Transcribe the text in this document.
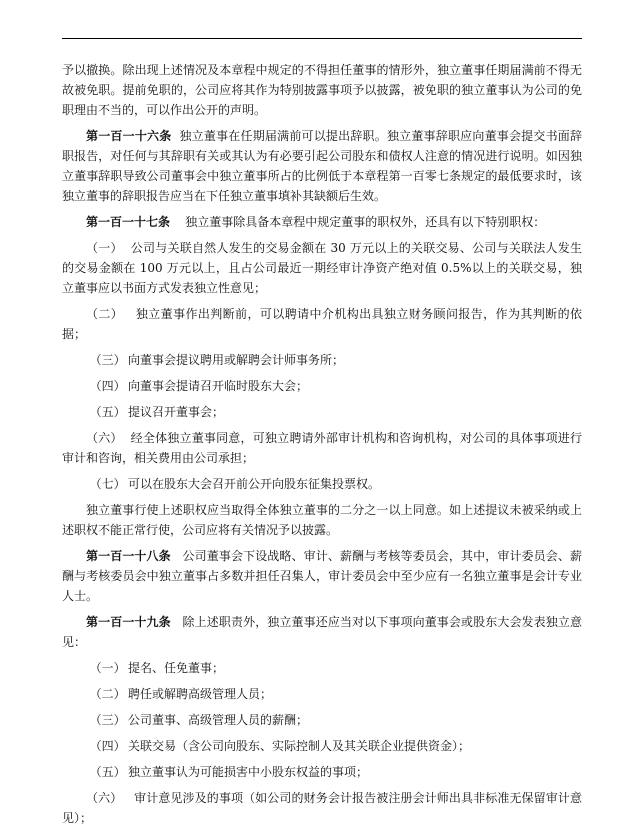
予以撤换。除出现上述情况及本章程中规定的不得担任董事的情形外，独立董事任期届满前不得无故被免职。提前免职的，公司应将其作为特别披露事项予以披露，被免职的独立董事认为公司的免职理由不当的，可以作出公开的声明。

第一百一十六条 独立董事在任期届满前可以提出辞职。独立董事辞职应向董事会提交书面辞职报告，对任何与其辞职有关或其认为有必要引起公司股东和债权人注意的情况进行说明。如因独立董事辞职导致公司董事会中独立董事所占的比例低于本章程第一百零七条规定的最低要求时，该独立董事的辞职报告应当在下任独立董事填补其缺额后生效。

第一百一十七条 独立董事除具备本章程中规定董事的职权外，还具有以下特别职权：

（一） 公司与关联自然人发生的交易金额在 30 万元以上的关联交易、公司与关联法人发生的交易金额在 100 万元以上，且占公司最近一期经审计净资产绝对值 0.5%以上的关联交易，独立董事应以书面方式发表独立性意见；

（二） 独立董事作出判断前，可以聘请中介机构出具独立财务顾问报告，作为其判断的依据；

（三） 向董事会提议聘用或解聘会计师事务所；

（四） 向董事会提请召开临时股东大会；

（五） 提议召开董事会；

（六） 经全体独立董事同意，可独立聘请外部审计机构和咨询机构，对公司的具体事项进行审计和咨询，相关费用由公司承担；

（七） 可以在股东大会召开前公开向股东征集投票权。

独立董事行使上述职权应当取得全体独立董事的二分之一以上同意。如上述提议未被采纳或上述职权不能正常行使，公司应将有关情况予以披露。

第一百一十八条 公司董事会下设战略、审计、薪酬与考核等委员会，其中，审计委员会、薪酬与考核委员会中独立董事占多数并担任召集人，审计委员会中至少应有一名独立董事是会计专业人士。

第一百一十九条 除上述职责外，独立董事还应当对以下事项向董事会或股东大会发表独立意见：

（一） 提名、任免董事；

（二） 聘任或解聘高级管理人员；

（三） 公司董事、高级管理人员的薪酬；

（四） 关联交易（含公司向股东、实际控制人及其关联企业提供资金）；

（五） 独立董事认为可能损害中小股东权益的事项；

（六） 审计意见涉及的事项（如公司的财务会计报告被注册会计师出具非标准无保留审计意见）；
